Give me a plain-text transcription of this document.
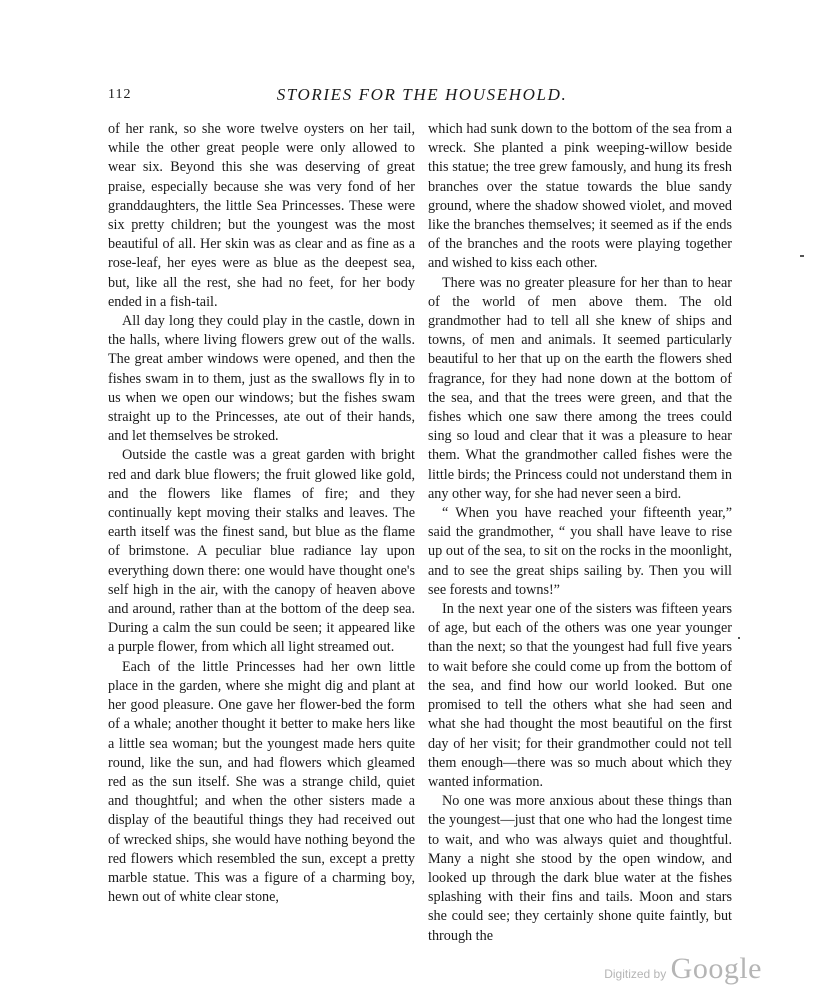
112	STORIES FOR THE HOUSEHOLD.

of her rank, so she wore twelve oysters on her tail, while the other great people were only allowed to wear six. Beyond this she was deserving of great praise, especially because she was very fond of her granddaughters, the little Sea Princesses. These were six pretty children; but the youngest was the most beautiful of all. Her skin was as clear and as fine as a rose-leaf, her eyes were as blue as the deepest sea, but, like all the rest, she had no feet, for her body ended in a fish-tail.

All day long they could play in the castle, down in the halls, where living flowers grew out of the walls. The great amber windows were opened, and then the fishes swam in to them, just as the swallows fly in to us when we open our windows; but the fishes swam straight up to the Princesses, ate out of their hands, and let themselves be stroked.

Outside the castle was a great garden with bright red and dark blue flowers; the fruit glowed like gold, and the flowers like flames of fire; and they continually kept moving their stalks and leaves. The earth itself was the finest sand, but blue as the flame of brimstone. A peculiar blue radiance lay upon everything down there: one would have thought one's self high in the air, with the canopy of heaven above and around, rather than at the bottom of the deep sea. During a calm the sun could be seen; it appeared like a purple flower, from which all light streamed out.

Each of the little Princesses had her own little place in the garden, where she might dig and plant at her good pleasure. One gave her flower-bed the form of a whale; another thought it better to make hers like a little sea woman; but the youngest made hers quite round, like the sun, and had flowers which gleamed red as the sun itself. She was a strange child, quiet and thoughtful; and when the other sisters made a display of the beautiful things they had received out of wrecked ships, she would have nothing beyond the red flowers which resembled the sun, except a pretty marble statue. This was a figure of a charming boy, hewn out of white clear stone,

which had sunk down to the bottom of the sea from a wreck. She planted a pink weeping-willow beside this statue; the tree grew famously, and hung its fresh branches over the statue towards the blue sandy ground, where the shadow showed violet, and moved like the branches themselves; it seemed as if the ends of the branches and the roots were playing together and wished to kiss each other.

There was no greater pleasure for her than to hear of the world of men above them. The old grandmother had to tell all she knew of ships and towns, of men and animals. It seemed particularly beautiful to her that up on the earth the flowers shed fragrance, for they had none down at the bottom of the sea, and that the trees were green, and that the fishes which one saw there among the trees could sing so loud and clear that it was a pleasure to hear them. What the grandmother called fishes were the little birds; the Princess could not understand them in any other way, for she had never seen a bird.

“ When you have reached your fifteenth year,” said the grandmother, “ you shall have leave to rise up out of the sea, to sit on the rocks in the moonlight, and to see the great ships sailing by. Then you will see forests and towns!”

In the next year one of the sisters was fifteen years of age, but each of the others was one year younger than the next; so that the youngest had full five years to wait before she could come up from the bottom of the sea, and find how our world looked. But one promised to tell the others what she had seen and what she had thought the most beautiful on the first day of her visit; for their grandmother could not tell them enough—there was so much about which they wanted information.

No one was more anxious about these things than the youngest—just that one who had the longest time to wait, and who was always quiet and thoughtful. Many a night she stood by the open window, and looked up through the dark blue water at the fishes splashing with their fins and tails. Moon and stars she could see; they certainly shone quite faintly, but through the

Digitized by Google
